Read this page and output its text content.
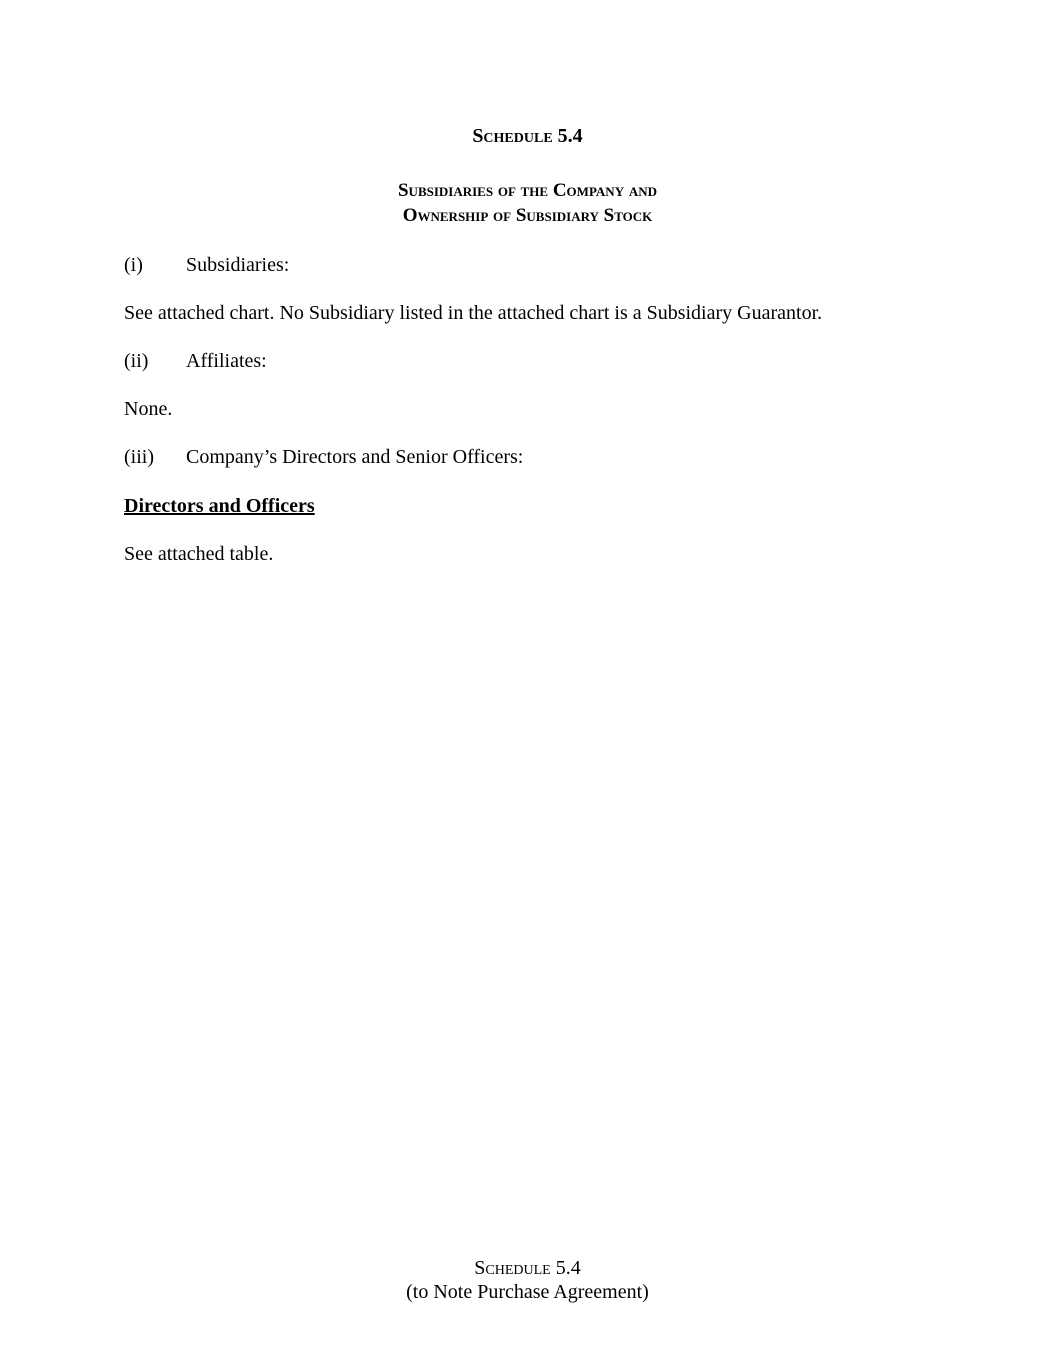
Schedule 5.4
Subsidiaries of the Company and
Ownership of Subsidiary Stock
(i) Subsidiaries:
See attached chart. No Subsidiary listed in the attached chart is a Subsidiary Guarantor.
(ii) Affiliates:
None.
(iii) Company’s Directors and Senior Officers:
Directors and Officers
See attached table.
Schedule 5.4
(to Note Purchase Agreement)
